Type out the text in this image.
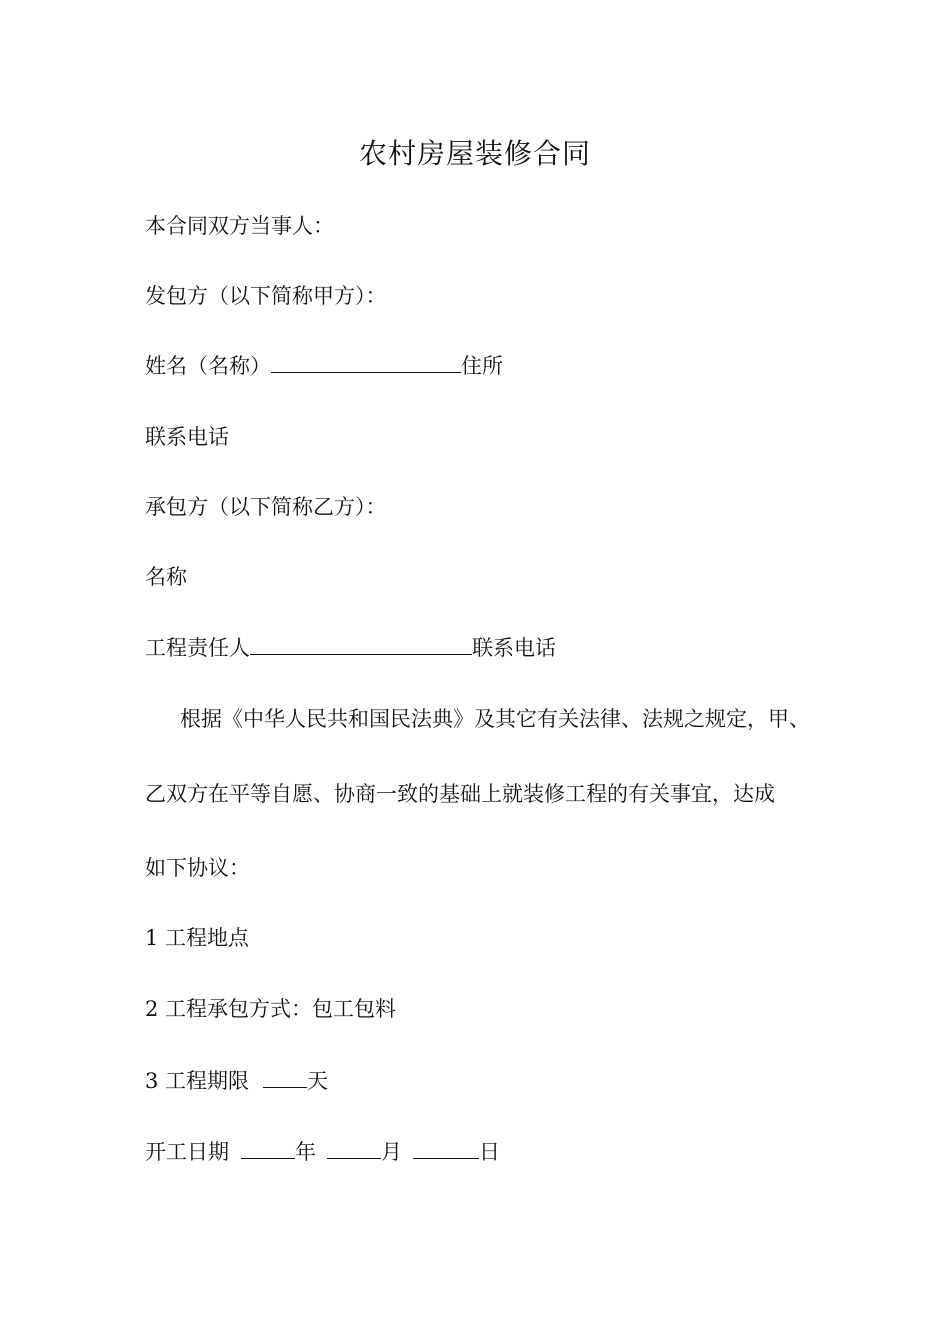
农村房屋装修合同
本合同双方当事人：
发包方（以下简称甲方）：
姓名（名称）	住所
联系电话
承包方（以下简称乙方）：
名称
工程责任人	联系电话
根据《中华人民共和国民法典》及其它有关法律、法规之规定，甲、
乙双方在平等自愿、协商一致的基础上就装修工程的有关事宜，达成
如下协议：
1 工程地点
2 工程承包方式：包工包料
3 工程期限	天
开工日期	年	月	日
